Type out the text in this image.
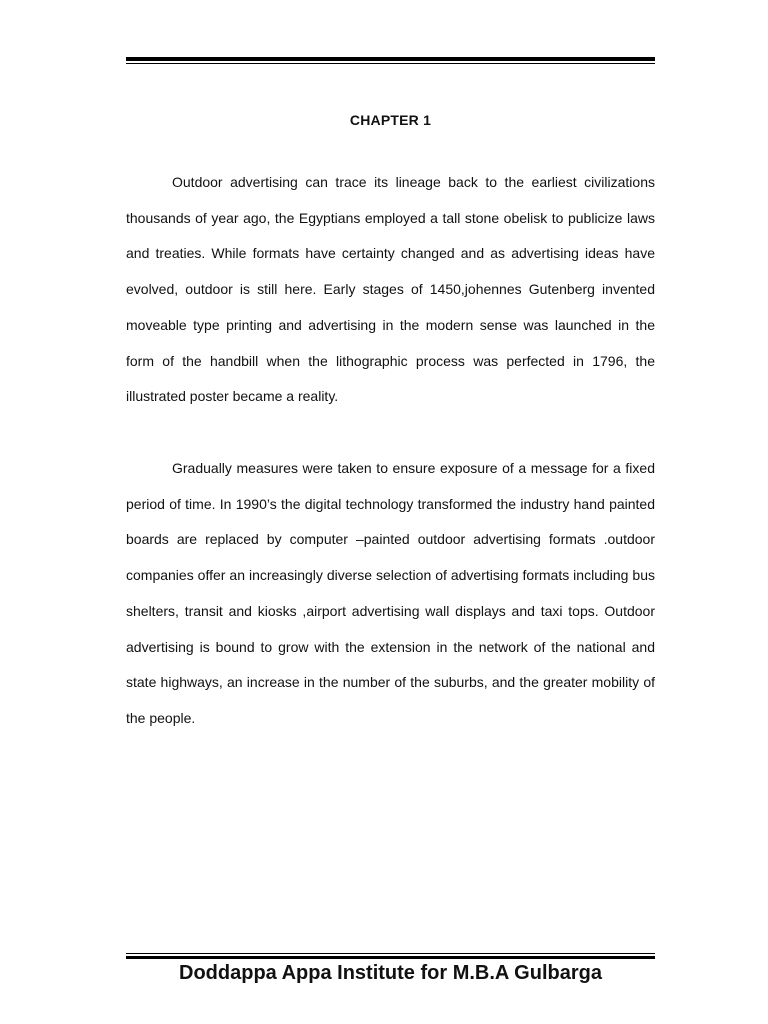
CHAPTER 1

Outdoor advertising can trace its lineage back to the earliest civilizations thousands of year ago, the Egyptians employed a tall stone obelisk to publicize laws and treaties. While formats have certainty changed and as advertising ideas have evolved, outdoor is still here. Early stages of 1450,johennes Gutenberg invented moveable type printing and advertising in the modern sense was launched in the form of the handbill when the lithographic process was perfected in 1796, the illustrated poster became a reality.

Gradually measures were taken to ensure exposure of a message for a fixed period of time. In 1990’s the digital technology transformed the industry hand painted boards are replaced by computer –painted outdoor advertising formats .outdoor companies offer an increasingly diverse selection of advertising formats including bus shelters, transit and kiosks ,airport advertising wall displays and taxi tops. Outdoor advertising is bound to grow with the extension in the network of the national and state highways, an increase in the number of the suburbs, and the greater mobility of the people.

Doddappa Appa Institute for M.B.A Gulbarga
